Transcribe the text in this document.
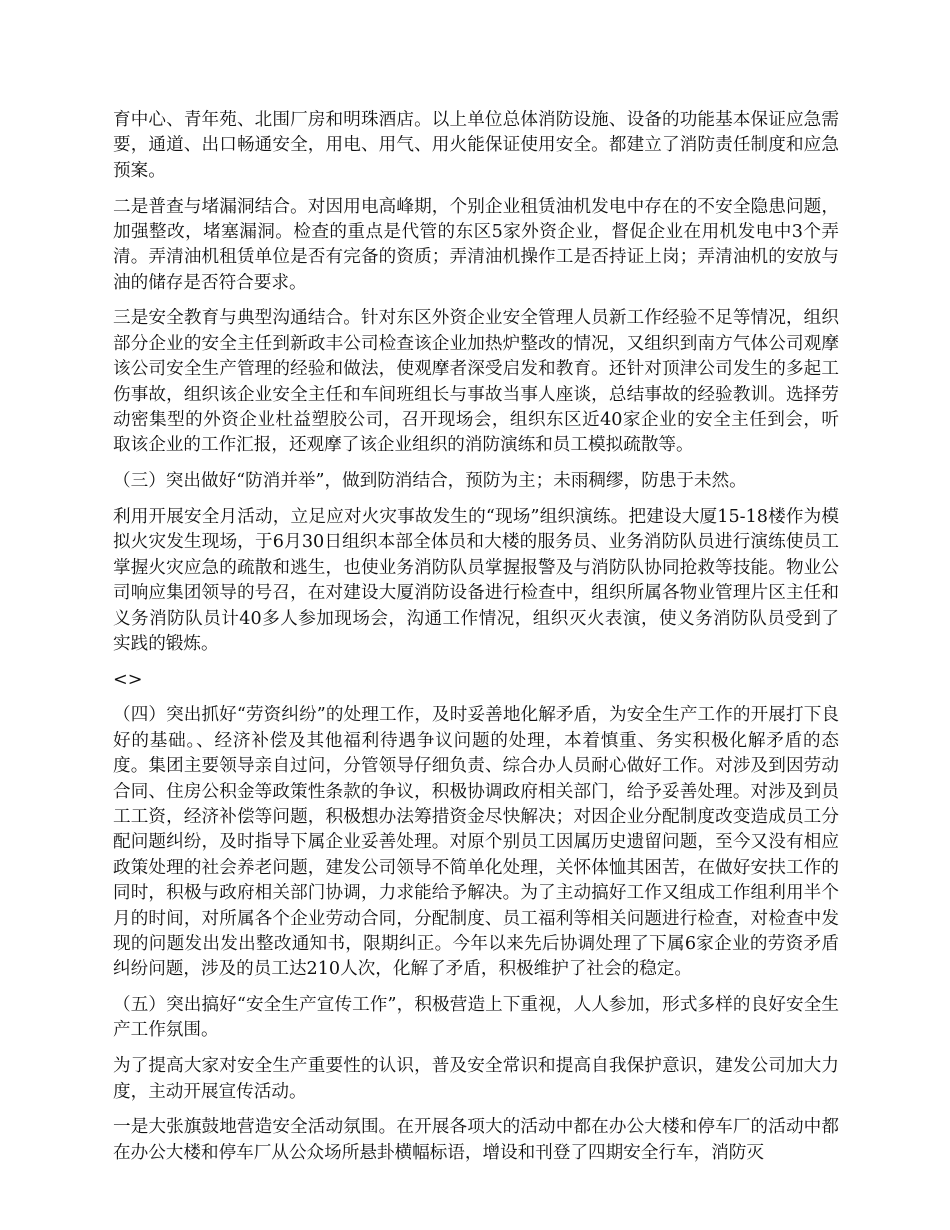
育中心、青年苑、北围厂房和明珠酒店。以上单位总体消防设施、设备的功能基本保证应急需要，通道、出口畅通安全，用电、用气、用火能保证使用安全。都建立了消防责任制度和应急预案。

二是普查与堵漏洞结合。对因用电高峰期，个别企业租赁油机发电中存在的不安全隐患问题，加强整改，堵塞漏洞。检查的重点是代管的东区5家外资企业，督促企业在用机发电中3个弄清。弄清油机租赁单位是否有完备的资质；弄清油机操作工是否持证上岗；弄清油机的安放与油的储存是否符合要求。

三是安全教育与典型沟通结合。针对东区外资企业安全管理人员新工作经验不足等情况，组织部分企业的安全主任到新政丰公司检查该企业加热炉整改的情况，又组织到南方气体公司观摩该公司安全生产管理的经验和做法，使观摩者深受启发和教育。还针对顶津公司发生的多起工伤事故，组织该企业安全主任和车间班组长与事故当事人座谈，总结事故的经验教训。选择劳动密集型的外资企业杜益塑胶公司，召开现场会，组织东区近40家企业的安全主任到会，听取该企业的工作汇报，还观摩了该企业组织的消防演练和员工模拟疏散等。

（三）突出做好“防消并举”，做到防消结合，预防为主；未雨稠缪，防患于未然。

利用开展安全月活动，立足应对火灾事故发生的“现场”组织演练。把建设大厦15-18楼作为模拟火灾发生现场，于6月30日组织本部全体员和大楼的服务员、业务消防队员进行演练使员工掌握火灾应急的疏散和逃生，也使业务消防队员掌握报警及与消防队协同抢救等技能。物业公司响应集团领导的号召，在对建设大厦消防设备进行检查中，组织所属各物业管理片区主任和义务消防队员计40多人参加现场会，沟通工作情况，组织灭火表演，使义务消防队员受到了实践的锻炼。

<>

（四）突出抓好“劳资纠纷”的处理工作，及时妥善地化解矛盾，为安全生产工作的开展打下良好的基础。、经济补偿及其他福利待遇争议问题的处理，本着慎重、务实积极化解矛盾的态度。集团主要领导亲自过问，分管领导仔细负责、综合办人员耐心做好工作。对涉及到因劳动合同、住房公积金等政策性条款的争议，积极协调政府相关部门，给予妥善处理。对涉及到员工工资，经济补偿等问题，积极想办法筹措资金尽快解决；对因企业分配制度改变造成员工分配问题纠纷，及时指导下属企业妥善处理。对原个别员工因属历史遗留问题，至今又没有相应政策处理的社会养老问题，建发公司领导不简单化处理，关怀体恤其困苦，在做好安扶工作的同时，积极与政府相关部门协调，力求能给予解决。为了主动搞好工作又组成工作组利用半个月的时间，对所属各个企业劳动合同，分配制度、员工福利等相关问题进行检查，对检查中发现的问题发出发出整改通知书，限期纠正。今年以来先后协调处理了下属6家企业的劳资矛盾纠纷问题，涉及的员工达210人次，化解了矛盾，积极维护了社会的稳定。

（五）突出搞好“安全生产宣传工作”，积极营造上下重视，人人参加，形式多样的良好安全生产工作氛围。

为了提高大家对安全生产重要性的认识，普及安全常识和提高自我保护意识，建发公司加大力度，主动开展宣传活动。

一是大张旗鼓地营造安全活动氛围。在开展各项大的活动中都在办公大楼和停车厂的活动中都在办公大楼和停车厂从公众场所悬卦横幅标语，增设和刊登了四期安全行车，消防灭
